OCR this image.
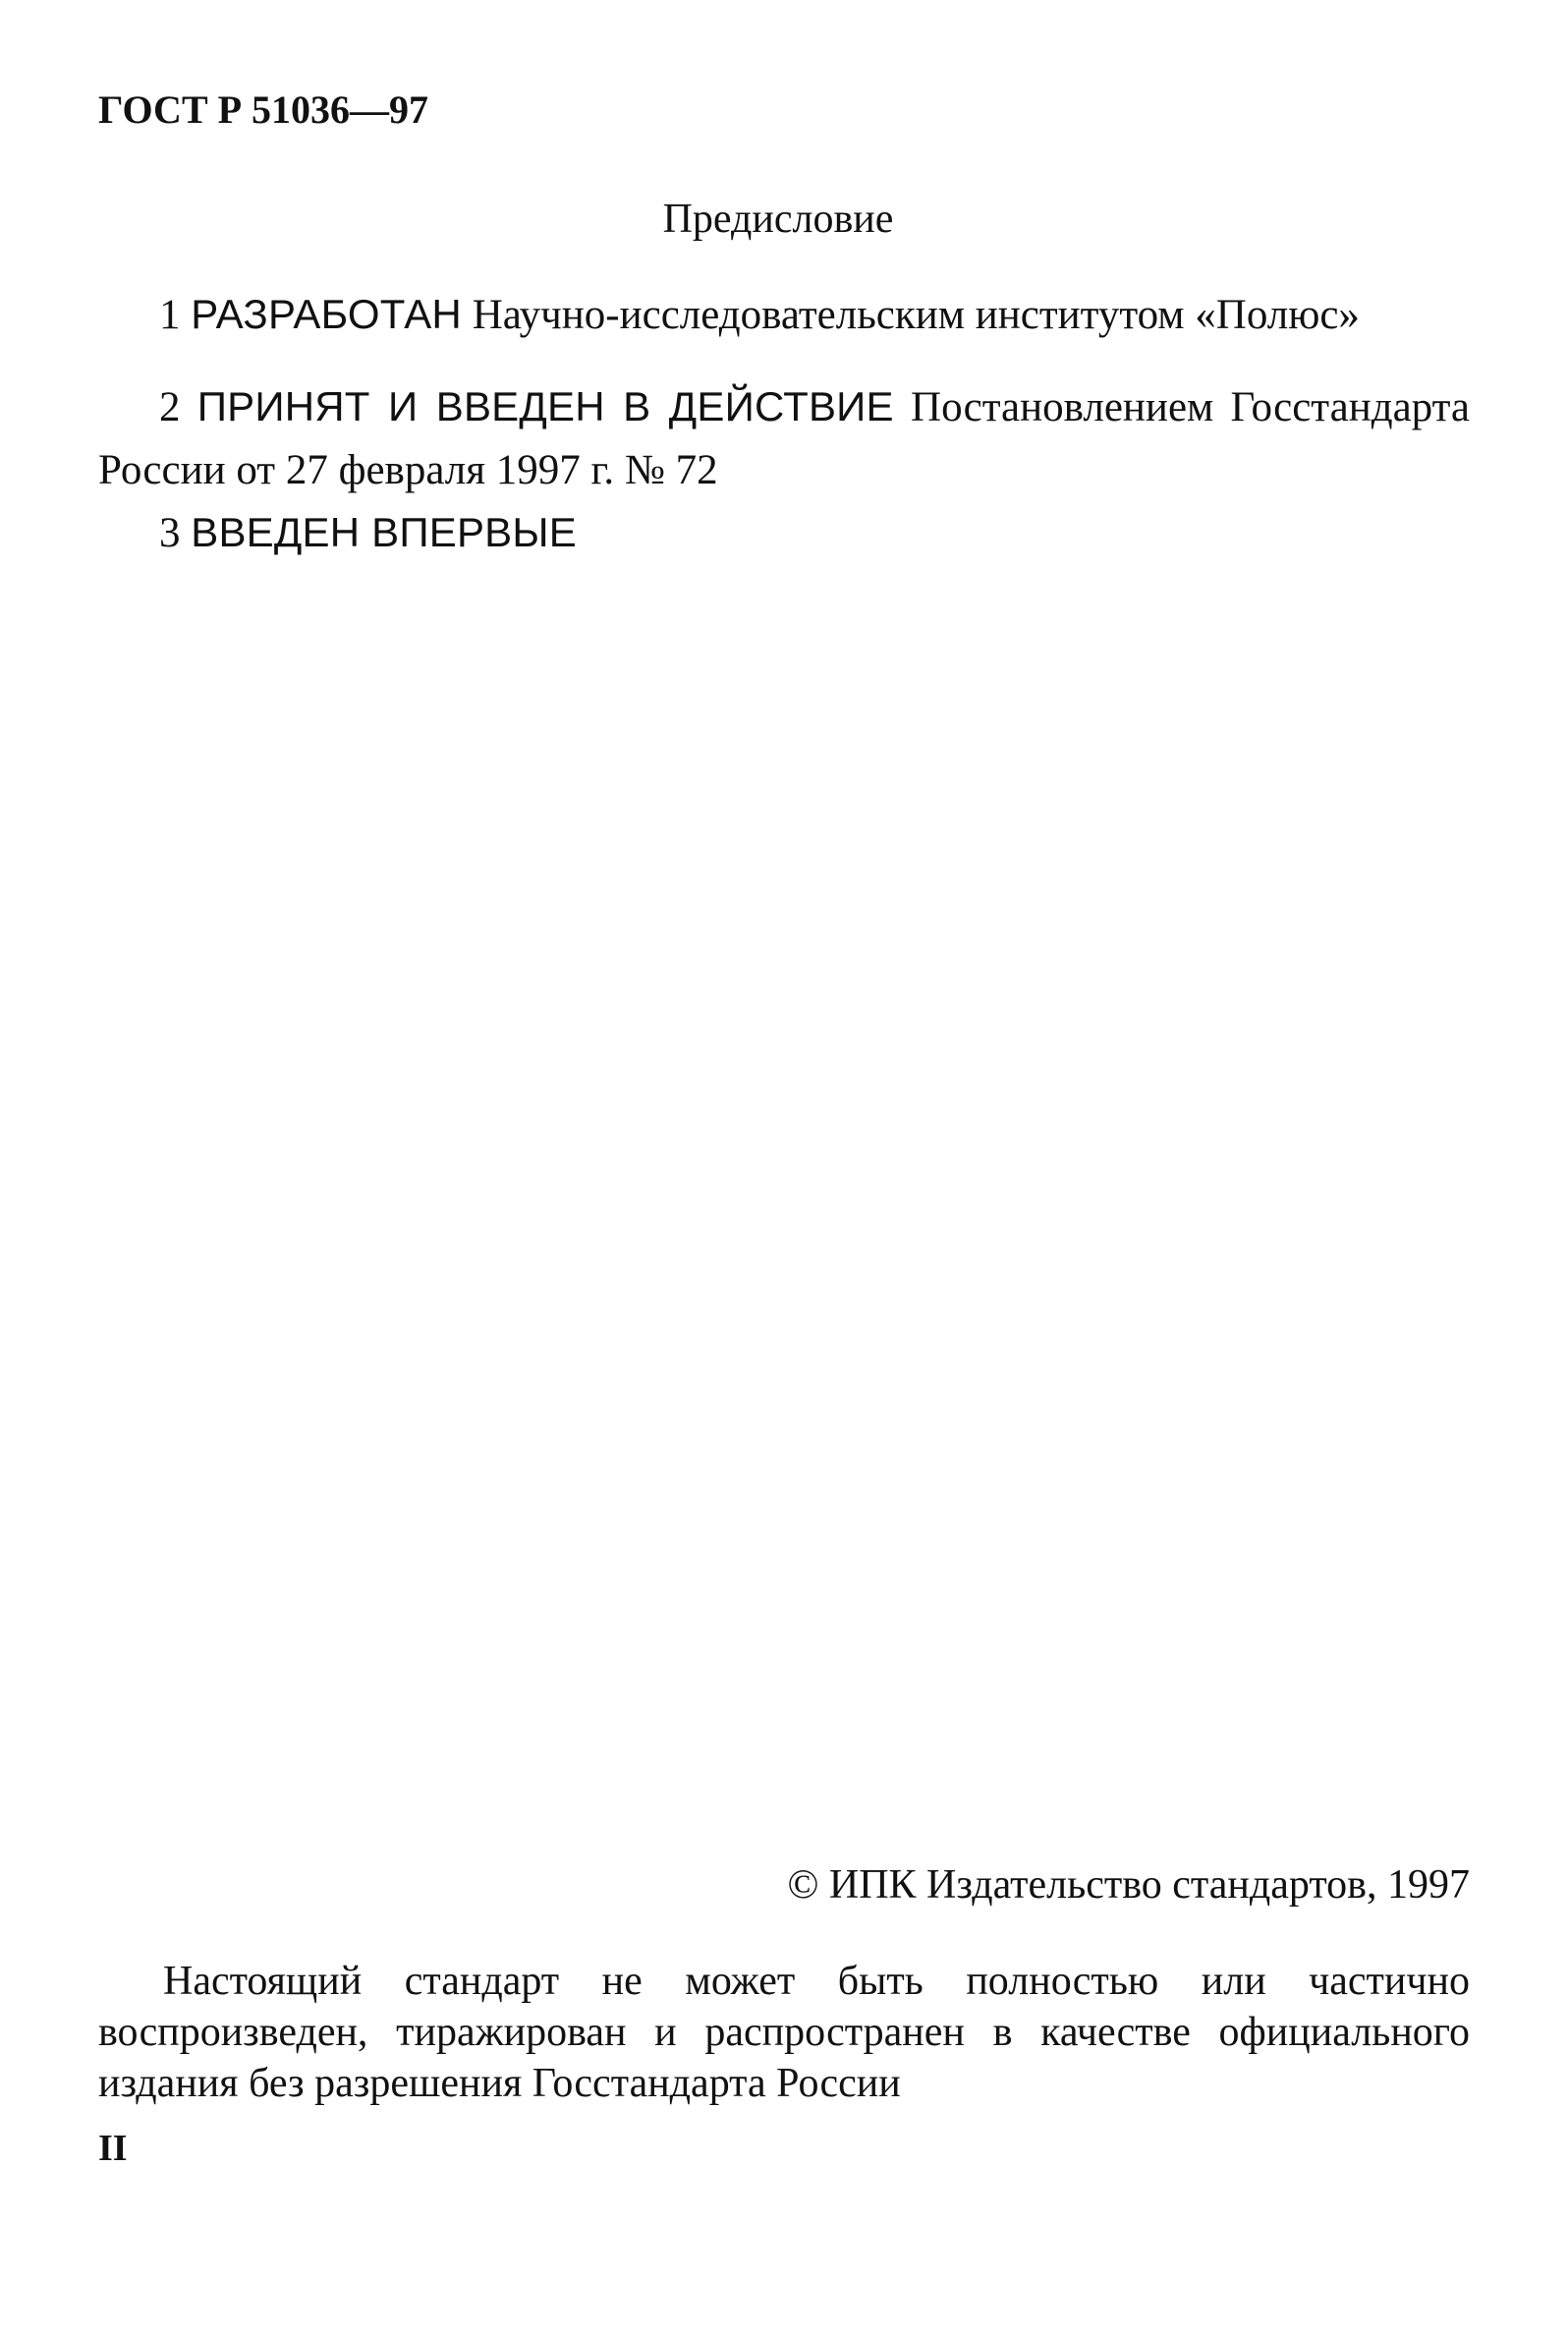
ГОСТ Р 51036—97
Предисловие

1 РАЗРАБОТАН Научно-исследовательским институтом «Полюс»

2 ПРИНЯТ И ВВЕДЕН В ДЕЙСТВИЕ Постановлением Госстандарта России от 27 февраля 1997 г. № 72

3 ВВЕДЕН ВПЕРВЫЕ

© ИПК Издательство стандартов, 1997

Настоящий стандарт не может быть полностью или частично воспроизведен, тиражирован и распространен в качестве официального издания без разрешения Госстандарта России

II
